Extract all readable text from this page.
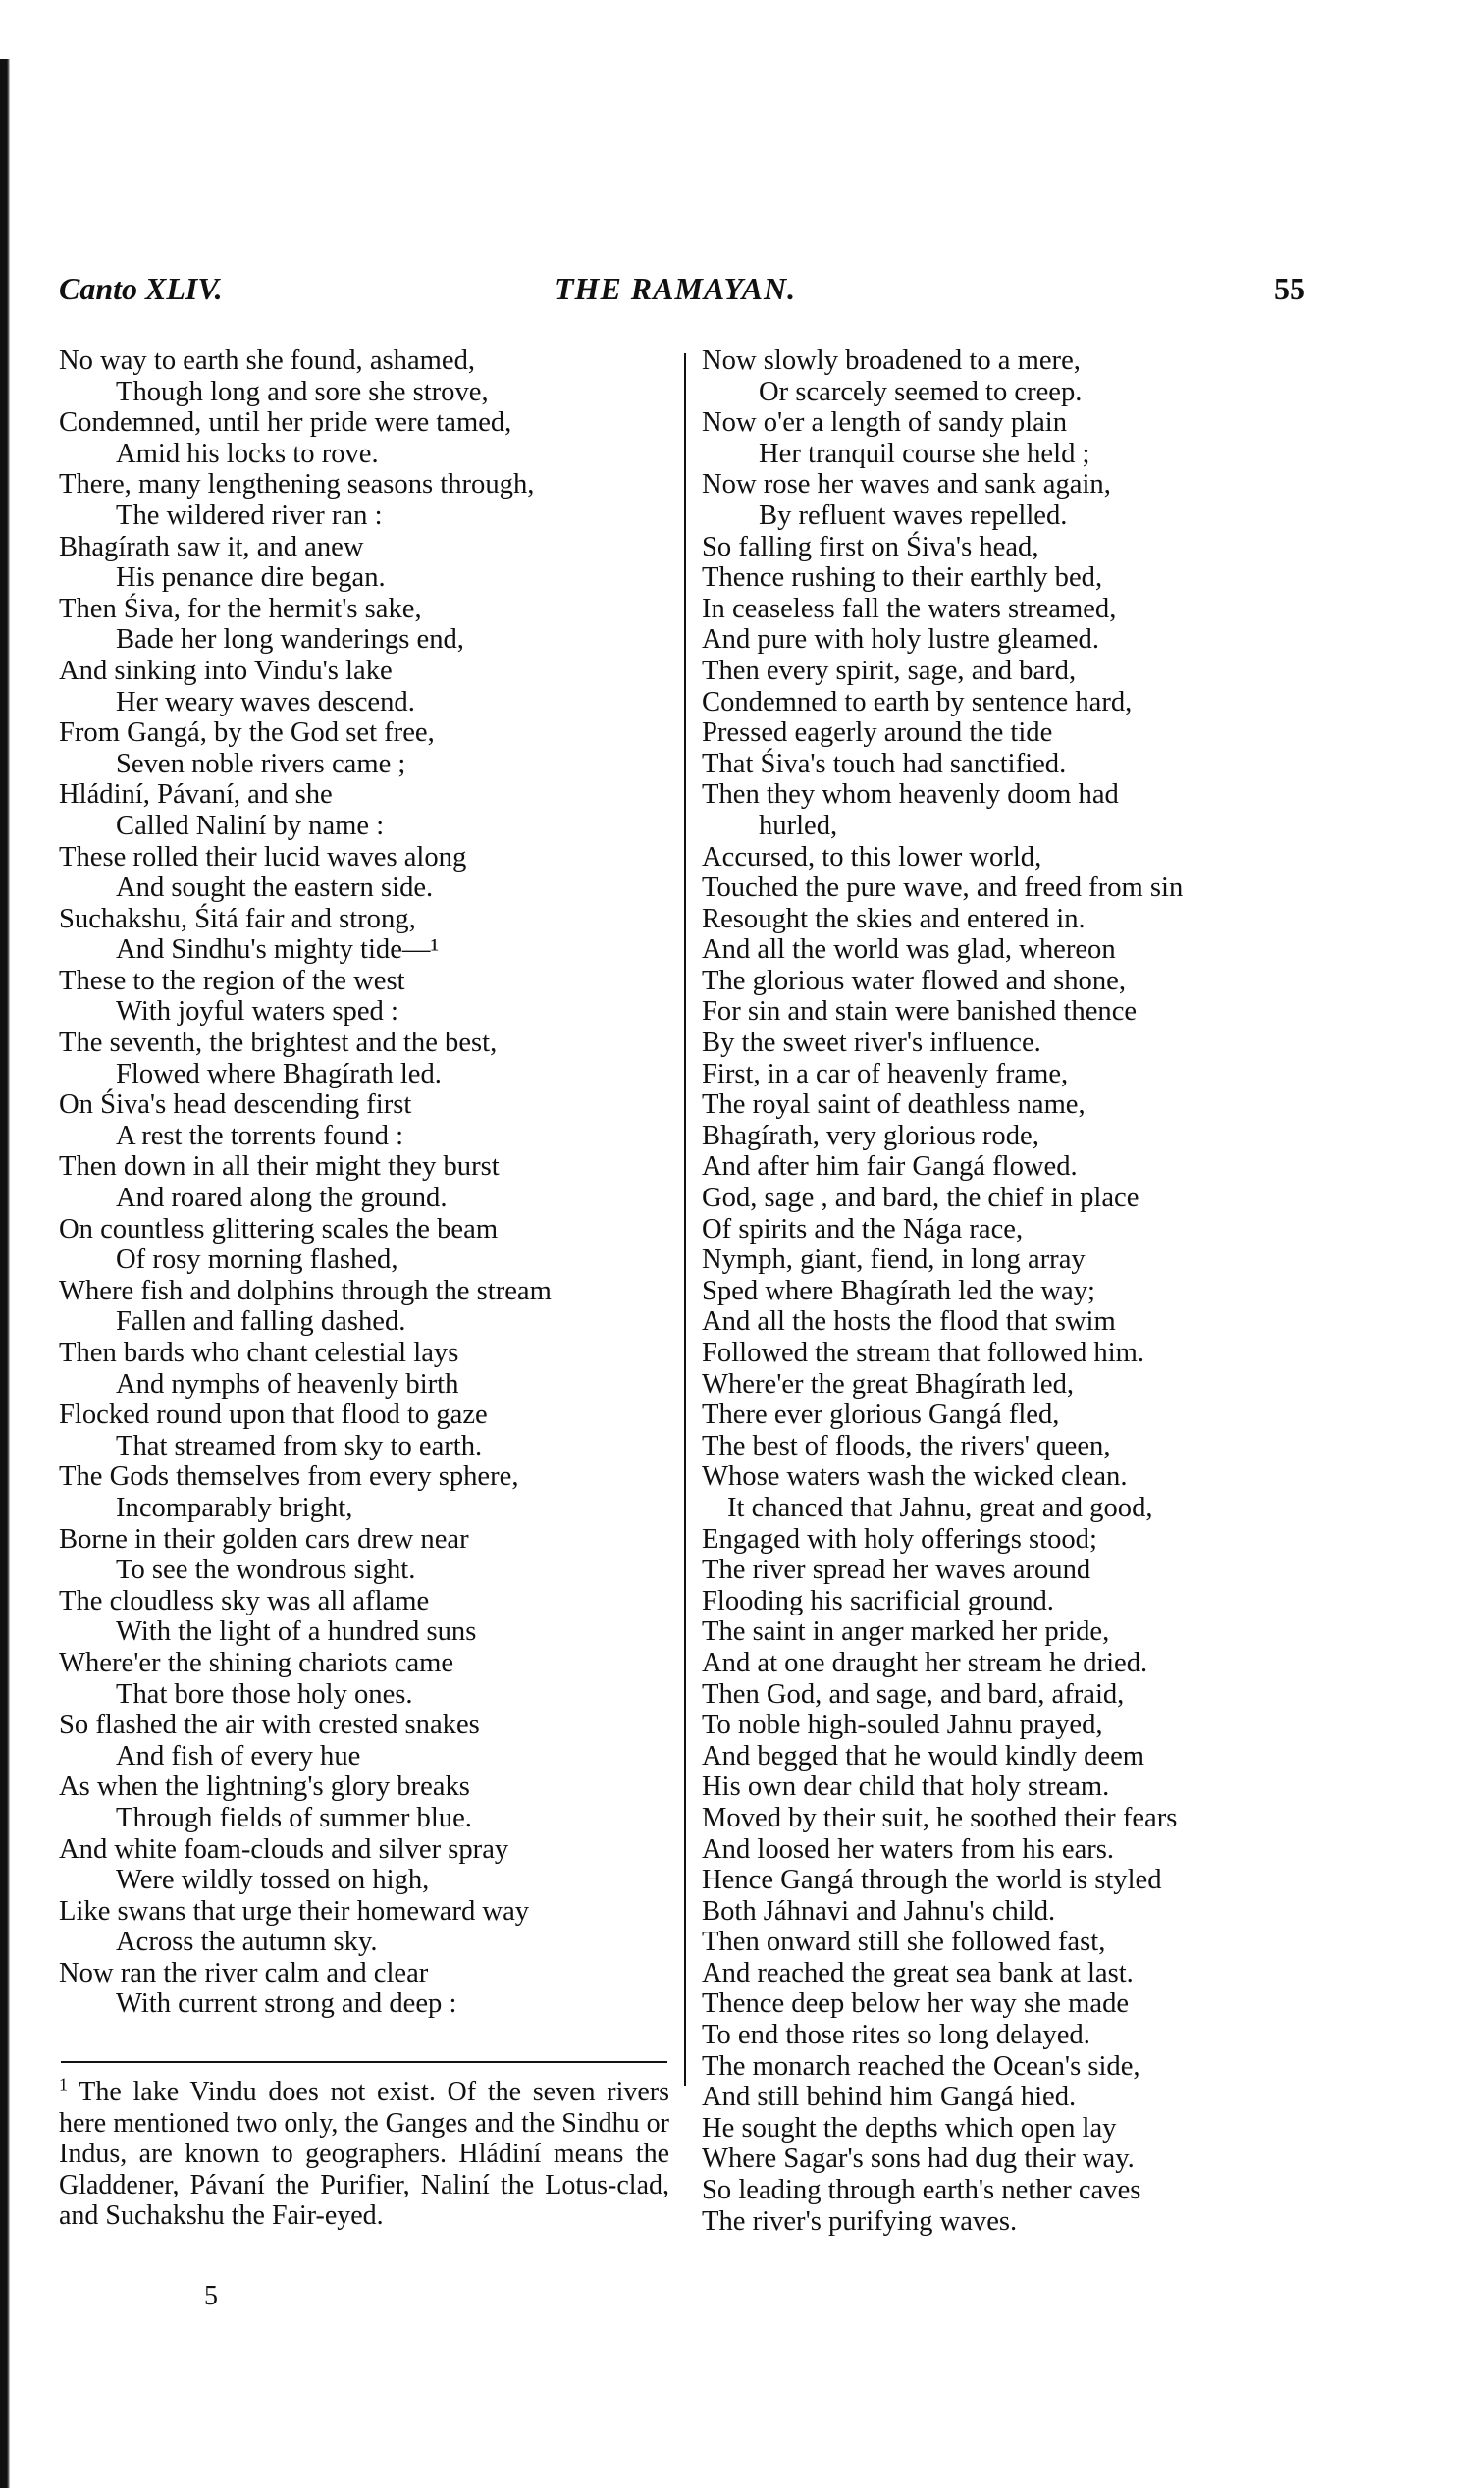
Canto XLIV.	THE RAMAYAN.	55
No way to earth she found, ashamed,
Though long and sore she strove,
Condemned, until her pride were tamed,
Amid his locks to rove.
There, many lengthening seasons through,
The wildered river ran :
Bhagírath saw it, and anew
His penance dire began.
Then Śiva, for the hermit's sake,
Bade her long wanderings end,
And sinking into Vindu's lake
Her weary waves descend.
From Gangá, by the God set free,
Seven noble rivers came ;
Hládiní, Pávaní, and she
Called Naliní by name :
These rolled their lucid waves along
And sought the eastern side.
Suchakshu, Śitá fair and strong,
And Sindhu's mighty tide—¹
These to the region of the west
With joyful waters sped :
The seventh, the brightest and the best,
Flowed where Bhagírath led.
On Śiva's head descending first
A rest the torrents found :
Then down in all their might they burst
And roared along the ground.
On countless glittering scales the beam
Of rosy morning flashed,
Where fish and dolphins through the stream
Fallen and falling dashed.
Then bards who chant celestial lays
And nymphs of heavenly birth
Flocked round upon that flood to gaze
That streamed from sky to earth.
The Gods themselves from every sphere,
Incomparably bright,
Borne in their golden cars drew near
To see the wondrous sight.
The cloudless sky was all aflame
With the light of a hundred suns
Where'er the shining chariots came
That bore those holy ones.
So flashed the air with crested snakes
And fish of every hue
As when the lightning's glory breaks
Through fields of summer blue.
And white foam-clouds and silver spray
Were wildly tossed on high,
Like swans that urge their homeward way
Across the autumn sky.
Now ran the river calm and clear
With current strong and deep :
Now slowly broadened to a mere,
Or scarcely seemed to creep.
Now o'er a length of sandy plain
Her tranquil course she held ;
Now rose her waves and sank again,
By refluent waves repelled.
So falling first on Śiva's head,
Thence rushing to their earthly bed,
In ceaseless fall the waters streamed,
And pure with holy lustre gleamed.
Then every spirit, sage, and bard,
Condemned to earth by sentence hard,
Pressed eagerly around the tide
That Śiva's touch had sanctified.
Then they whom heavenly doom had
hurled,
Accursed, to this lower world,
Touched the pure wave, and freed from sin
Resought the skies and entered in.
And all the world was glad, whereon
The glorious water flowed and shone,
For sin and stain were banished thence
By the sweet river's influence.
First, in a car of heavenly frame,
The royal saint of deathless name,
Bhagírath, very glorious rode,
And after him fair Gangá flowed.
God, sage , and bard, the chief in place
Of spirits and the Nága race,
Nymph, giant, fiend, in long array
Sped where Bhagírath led the way;
And all the hosts the flood that swim
Followed the stream that followed him.
Where'er the great Bhagírath led,
There ever glorious Gangá fled,
The best of floods, the rivers' queen,
Whose waters wash the wicked clean.
It chanced that Jahnu, great and good,
Engaged with holy offerings stood;
The river spread her waves around
Flooding his sacrificial ground.
The saint in anger marked her pride,
And at one draught her stream he dried.
Then God, and sage, and bard, afraid,
To noble high-souled Jahnu prayed,
And begged that he would kindly deem
His own dear child that holy stream.
Moved by their suit, he soothed their fears
And loosed her waters from his ears.
Hence Gangá through the world is styled
Both Jáhnavi and Jahnu's child.
Then onward still she followed fast,
And reached the great sea bank at last.
Thence deep below her way she made
To end those rites so long delayed.
The monarch reached the Ocean's side,
And still behind him Gangá hied.
He sought the depths which open lay
Where Sagar's sons had dug their way.
So leading through earth's nether caves
The river's purifying waves.
$^1$ The lake Vindu does not exist. Of the seven rivers here mentioned two only, the Ganges and the Sindhu or Indus, are known to geographers. Hládiní means the Gladdener, Pávaní the Purifier, Naliní the Lotus-clad, and Suchakshu the Fair-eyed.
5
